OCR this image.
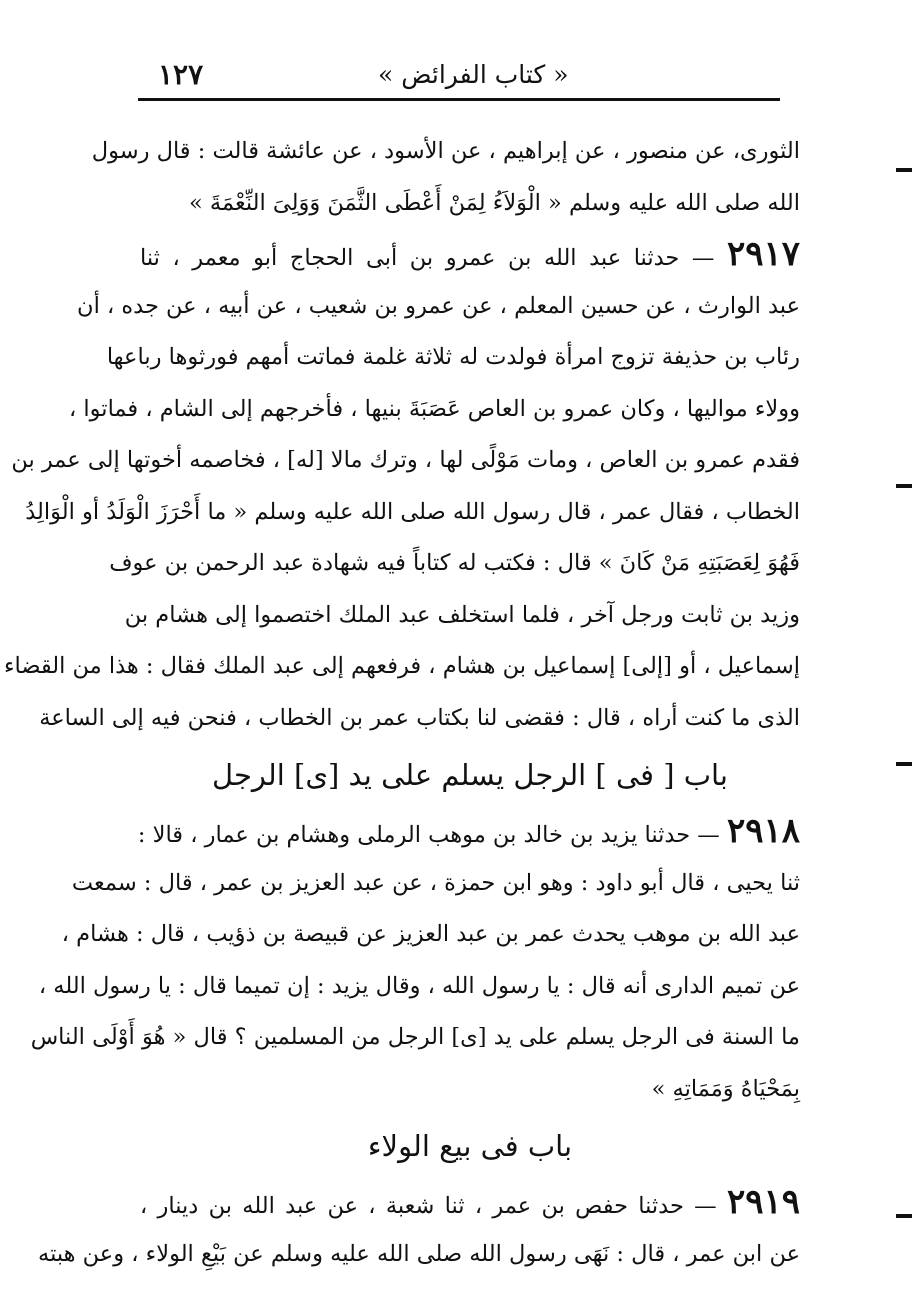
١٢٧	« كتاب الفرائض »
الثورى، عن منصور ، عن إبراهيم ، عن الأسود ، عن عائشة قالت : قال رسول
الله صلى الله عليه وسلم « الْوَلاَءُ لِمَنْ أَعْطَى الثَّمَنَ وَوَلِىَ النِّعْمَةَ »
٢٩١٧ — حدثنا عبد الله بن عمرو بن أبى الحجاج أبو معمر ، ثنا
عبد الوارث ، عن حسين المعلم ، عن عمرو بن شعيب ، عن أبيه ، عن جده ، أن
رئاب بن حذيفة تزوج امرأة فولدت له ثلاثة غلمة فماتت أمهم فورثوها رباعها
وولاء مواليها ، وكان عمرو بن العاص عَصَبَةَ بنيها ، فأخرجهم إلى الشام ، فماتوا ،
فقدم عمرو بن العاص ، ومات مَوْلًى لها ، وترك مالا [له] ، فخاصمه أخوتها إلى عمر بن
الخطاب ، فقال عمر ، قال رسول الله صلى الله عليه وسلم « ما أَحْرَزَ الْوَلَدُ أو الْوَالِدُ
فَهُوَ لِعَصَبَتِهِ مَنْ كَانَ » قال : فكتب له كتاباً فيه شهادة عبد الرحمن بن عوف
وزيد بن ثابت ورجل آخر ، فلما استخلف عبد الملك اختصموا إلى هشام بن
إسماعيل ، أو [إلى] إسماعيل بن هشام ، فرفعهم إلى عبد الملك فقال : هذا من القضاء
الذى ما كنت أراه ، قال : فقضى لنا بكتاب عمر بن الخطاب ، فنحن فيه إلى الساعة
باب [ فى ] الرجل يسلم على يد [ى] الرجل
٢٩١٨ — حدثنا يزيد بن خالد بن موهب الرملى وهشام بن عمار ، قالا :
ثنا يحيى ، قال أبو داود : وهو ابن حمزة ، عن عبد العزيز بن عمر ، قال : سمعت
عبد الله بن موهب يحدث عمر بن عبد العزيز عن قبيصة بن ذؤيب ، قال : هشام ،
عن تميم الدارى أنه قال : يا رسول الله ، وقال يزيد : إن تميما قال : يا رسول الله ،
ما السنة فى الرجل يسلم على يد [ى] الرجل من المسلمين ؟ قال « هُوَ أَوْلَى الناس
بِمَحْيَاهُ وَمَمَاتِهِ »
باب فى بيع الولاء
٢٩١٩ — حدثنا حفص بن عمر ، ثنا شعبة ، عن عبد الله بن دينار ،
عن ابن عمر ، قال : نَهَى رسول الله صلى الله عليه وسلم عن بَيْعِ الولاء ، وعن هبته
